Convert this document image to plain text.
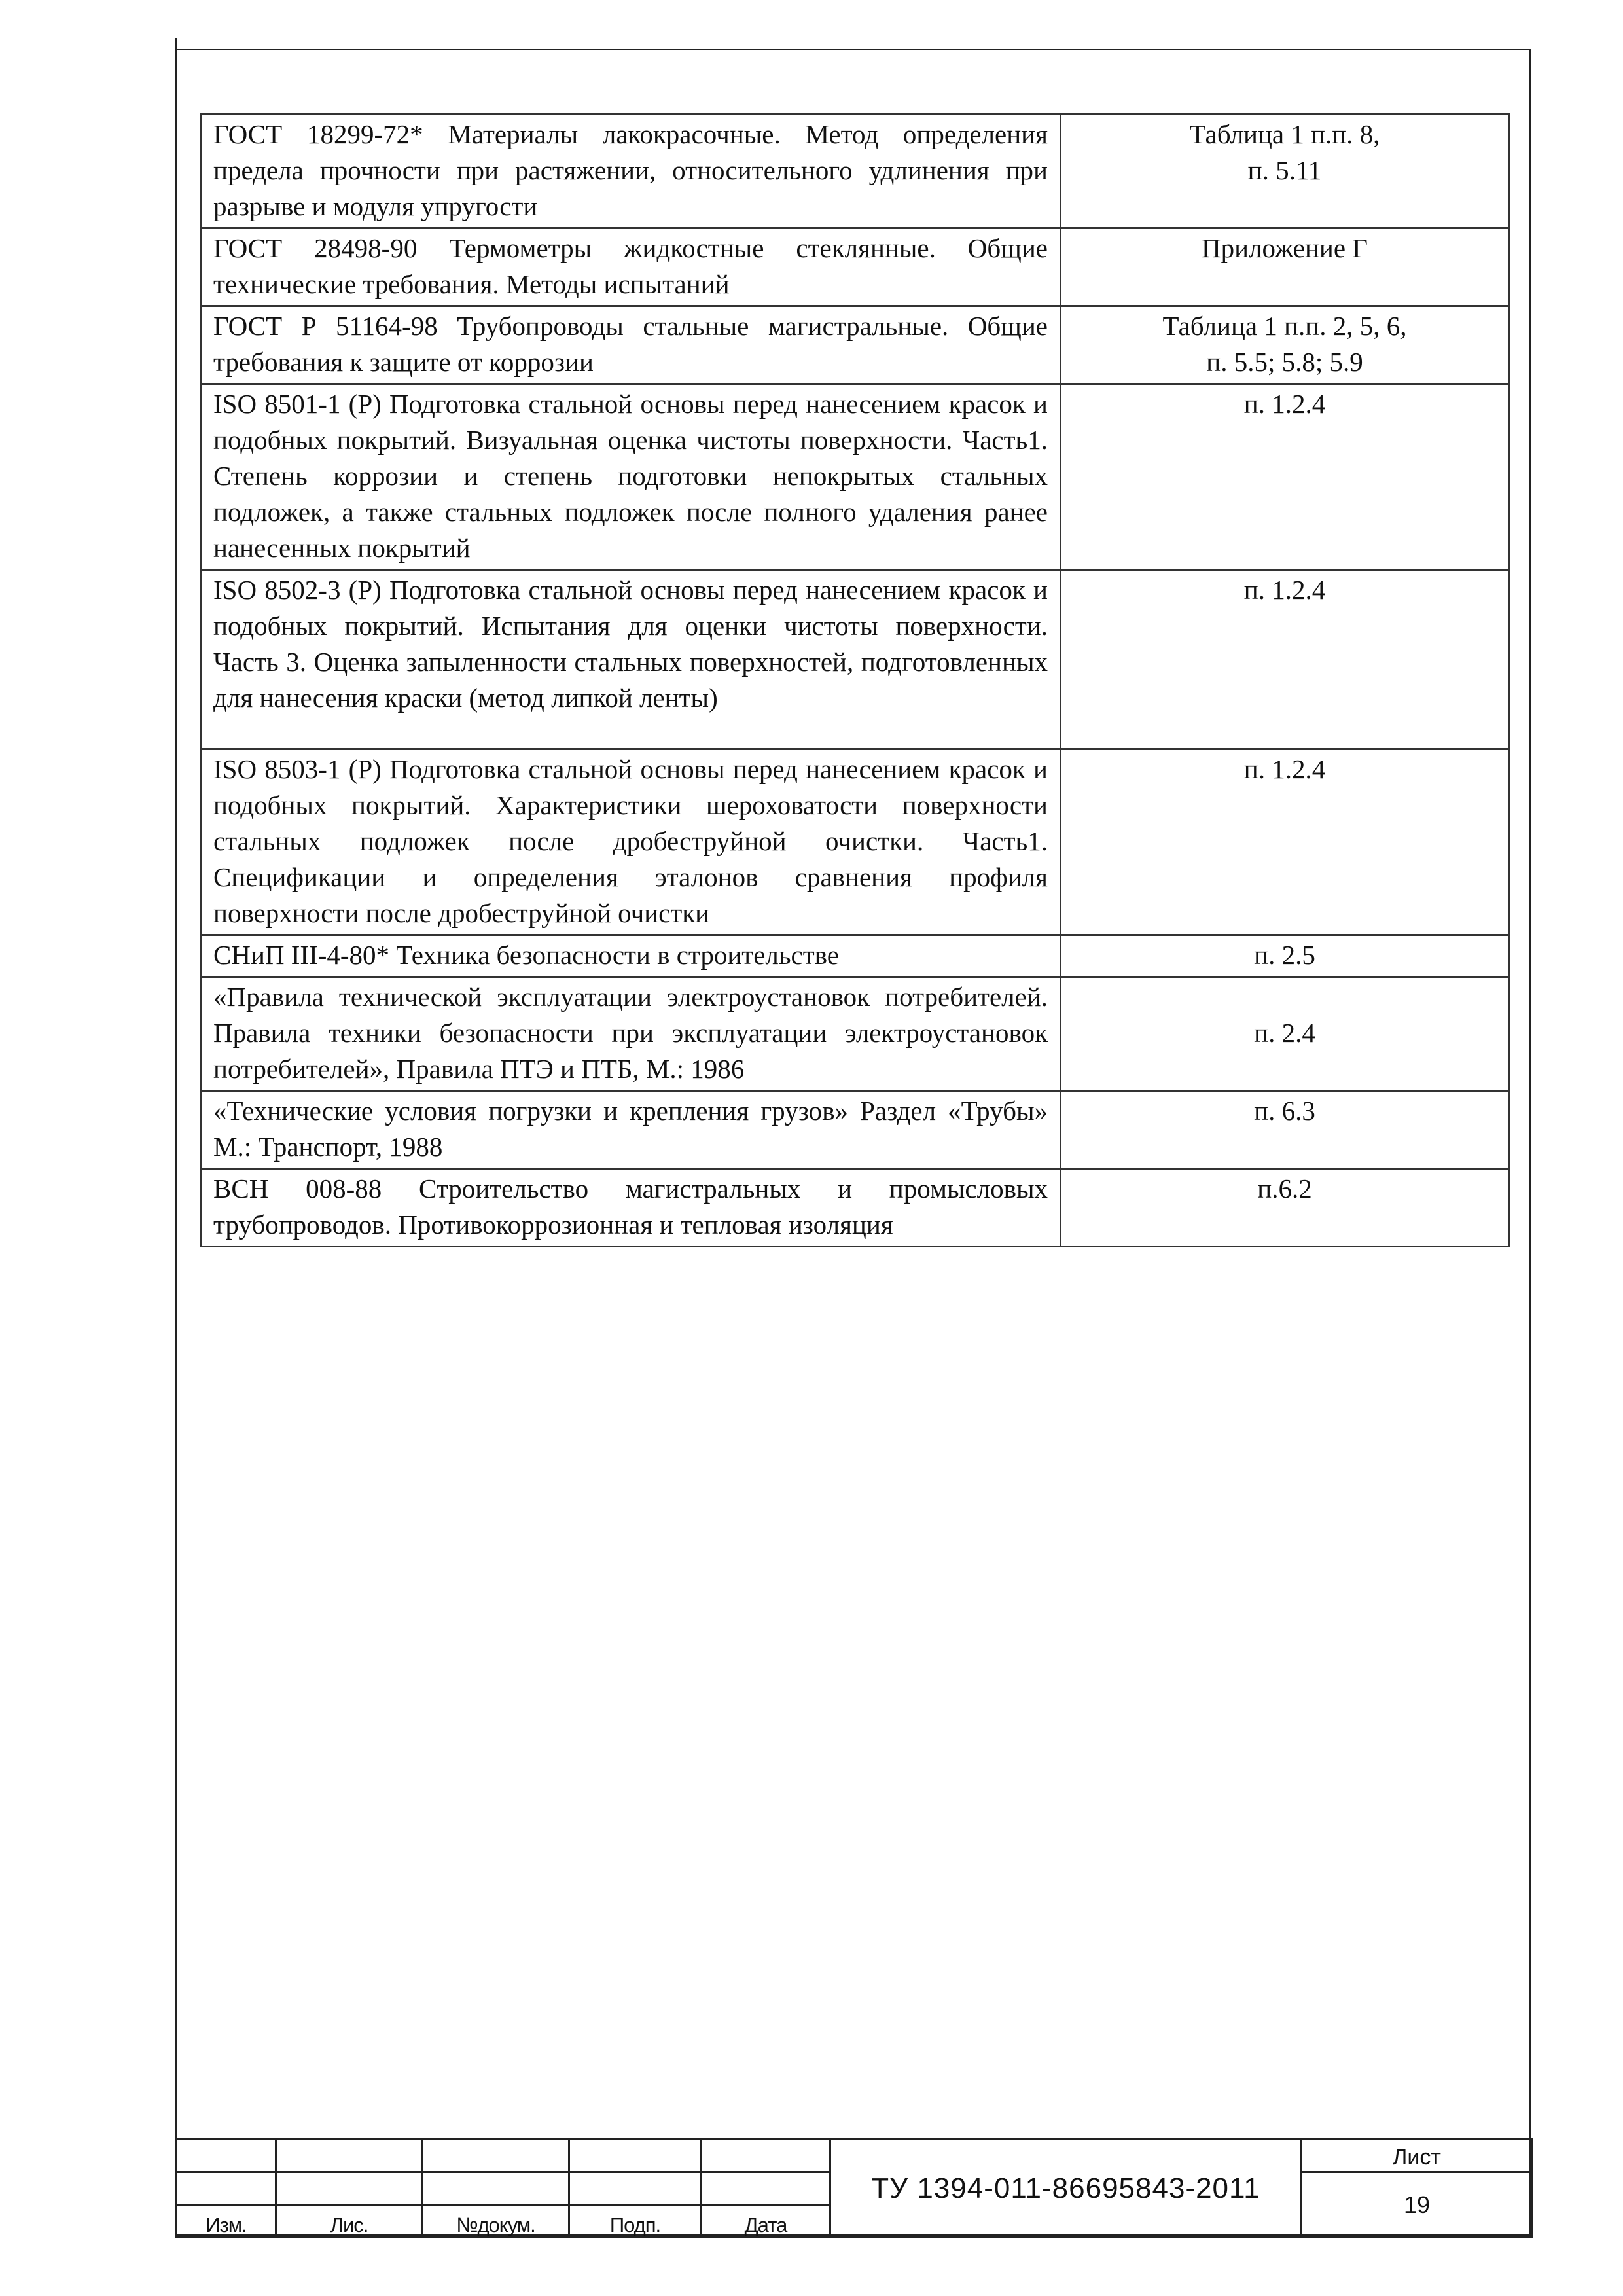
ГОСТ 18299-72* Материалы лакокрасочные. Метод определения предела прочности при растяжении, относительного удлинения при разрыве и модуля упругости	Таблица 1 п.п. 8,
п. 5.11

ГОСТ 28498-90 Термометры жидкостные стеклянные. Общие технические требования. Методы испытаний	Приложение Г

ГОСТ Р 51164-98 Трубопроводы стальные магистральные. Общие требования к защите от коррозии	Таблица 1 п.п. 2, 5, 6,
п. 5.5; 5.8; 5.9

ISO 8501-1 (Р) Подготовка стальной основы перед нанесением красок и подобных покрытий. Визуальная оценка чистоты поверхности. Часть1. Степень коррозии и степень подготовки непокрытых стальных подложек, а также стальных подложек после полного удаления ранее нанесенных покрытий	п. 1.2.4

ISO 8502-3 (Р) Подготовка стальной основы перед нанесением красок и подобных покрытий. Испытания для оценки чистоты поверхности. Часть 3. Оценка запыленности стальных поверхностей, подготовленных для нанесения краски (метод липкой ленты)	п. 1.2.4

ISO 8503-1 (Р) Подготовка стальной основы перед нанесением красок и подобных покрытий. Характеристики шероховатости поверхности стальных подложек после дробеструйной очистки. Часть1. Спецификации и определения эталонов сравнения профиля поверхности после дробеструйной очистки	п. 1.2.4

СНиП III-4-80* Техника безопасности в строительстве	п. 2.5

«Правила технической эксплуатации электроустановок потребителей. Правила техники безопасности при эксплуатации электроустановок потребителей», Правила ПТЭ и ПТБ, М.: 1986	п. 2.4

«Технические условия погрузки и крепления грузов» Раздел «Трубы» М.: Транспорт, 1988	п. 6.3

ВСН 008-88 Строительство магистральных и промысловых трубопроводов. Противокоррозионная и тепловая изоляция	п.6.2
					ТУ 1394-011-86695843-2011	Лист
						19
Изм.	Лис.	№докум.	Подп.	Дата		
